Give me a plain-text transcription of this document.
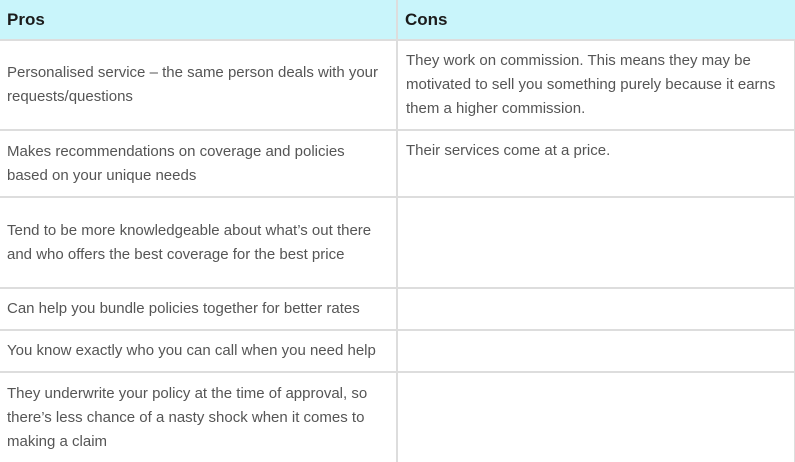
Pros	Cons
Personalised service – the same person deals with your requests/questions	They work on commission. This means they may be motivated to sell you something purely because it earns them a higher commission.
Makes recommendations on coverage and policies based on your unique needs	Their services come at a price.
Tend to be more knowledgeable about what’s out there and who offers the best coverage for the best price	
Can help you bundle policies together for better rates	
You know exactly who you can call when you need help	
They underwrite your policy at the time of approval, so there’s less chance of a nasty shock when it comes to making a claim	
